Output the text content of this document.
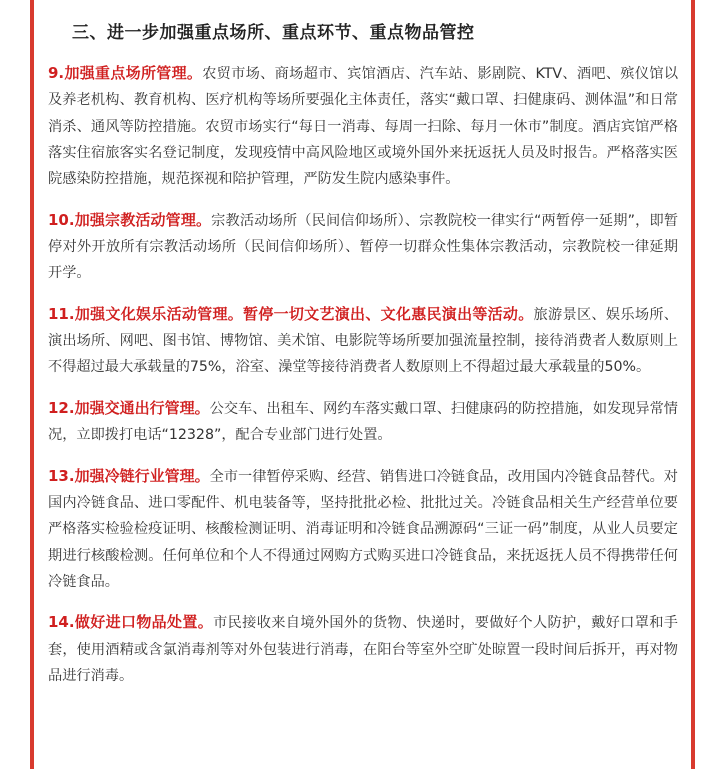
三、进一步加强重点场所、重点环节、重点物品管控

9.加强重点场所管理。农贸市场、商场超市、宾馆酒店、汽车站、影剧院、KTV、酒吧、殡仪馆以及养老机构、教育机构、医疗机构等场所要强化主体责任，落实“戴口罩、扫健康码、测体温”和日常消杀、通风等防控措施。农贸市场实行“每日一消毒、每周一扫除、每月一休市”制度。酒店宾馆严格落实住宿旅客实名登记制度，发现疫情中高风险地区或境外国外来抚返抚人员及时报告。严格落实医院感染防控措施，规范探视和陪护管理，严防发生院内感染事件。

10.加强宗教活动管理。宗教活动场所（民间信仰场所）、宗教院校一律实行“两暂停一延期”，即暂停对外开放所有宗教活动场所（民间信仰场所）、暂停一切群众性集体宗教活动，宗教院校一律延期开学。

11.加强文化娱乐活动管理。暂停一切文艺演出、文化惠民演出等活动。旅游景区、娱乐场所、演出场所、网吧、图书馆、博物馆、美术馆、电影院等场所要加强流量控制，接待消费者人数原则上不得超过最大承载量的75%，浴室、澡堂等接待消费者人数原则上不得超过最大承载量的50%。

12.加强交通出行管理。公交车、出租车、网约车落实戴口罩、扫健康码的防控措施，如发现异常情况，立即拨打电话“12328”，配合专业部门进行处置。

13.加强冷链行业管理。全市一律暂停采购、经营、销售进口冷链食品，改用国内冷链食品替代。对国内冷链食品、进口零配件、机电装备等，坚持批批必检、批批过关。冷链食品相关生产经营单位要严格落实检验检疫证明、核酸检测证明、消毒证明和冷链食品溯源码“三证一码”制度，从业人员要定期进行核酸检测。任何单位和个人不得通过网购方式购买进口冷链食品，来抚返抚人员不得携带任何冷链食品。

14.做好进口物品处置。市民接收来自境外国外的货物、快递时，要做好个人防护，戴好口罩和手套，使用酒精或含氯消毒剂等对外包装进行消毒，在阳台等室外空旷处晾置一段时间后拆开，再对物品进行消毒。
